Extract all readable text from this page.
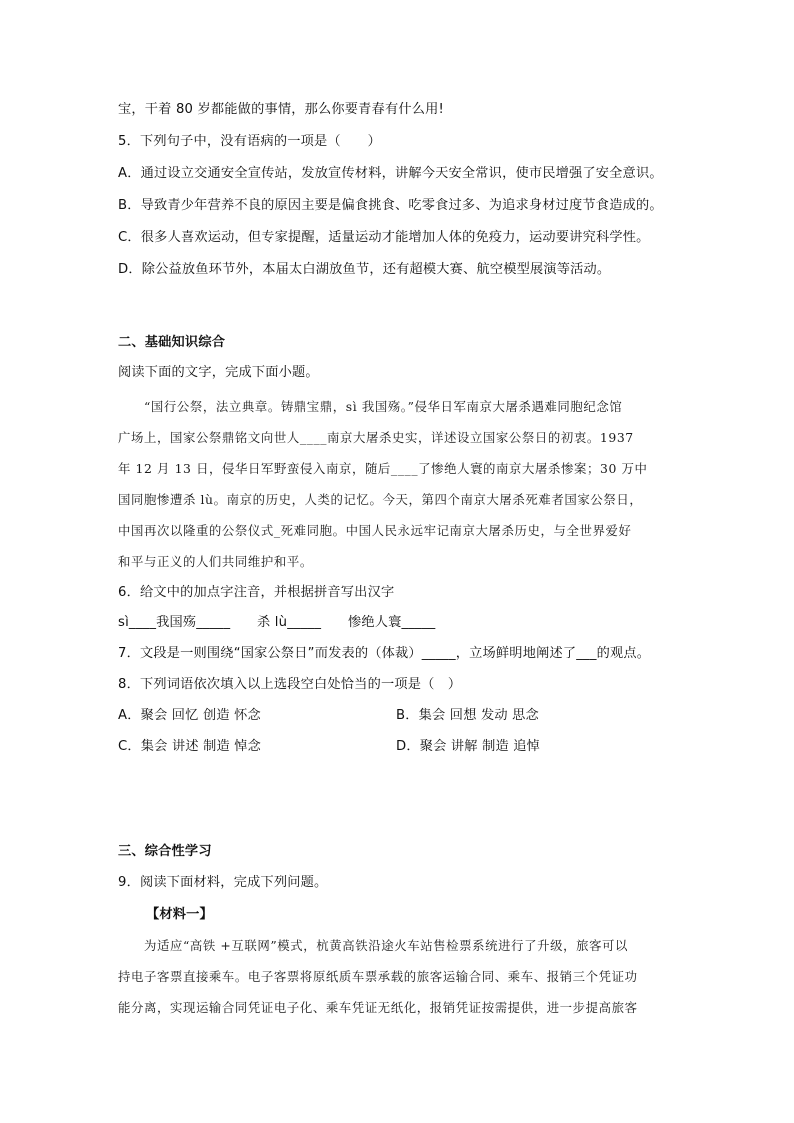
宝，干着 80 岁都能做的事情，那么你要青春有什么用!
5．下列句子中，没有语病的一项是（　　）
A．通过设立交通安全宣传站，发放宣传材料，讲解今天安全常识，使市民增强了安全意识。
B．导致青少年营养不良的原因主要是偏食挑食、吃零食过多、为追求身材过度节食造成的。
C．很多人喜欢运动，但专家提醒，适量运动才能增加人体的免疫力，运动要讲究科学性。
D．除公益放鱼环节外，本届太白湖放鱼节，还有超模大赛、航空模型展演等活动。
二、基础知识综合
阅读下面的文字，完成下面小题。
　　“国行公祭，法立典章。铸鼎宝鼎，sì 我国殇。”侵华日军南京大屠杀遇难同胞纪念馆
广场上，国家公祭鼎铭文向世人____南京大屠杀史实，详述设立国家公祭日的初衷。1937
年 12 月 13 日，侵华日军野蛮侵入南京，随后____了惨绝人寰的南京大屠杀惨案；30 万中
国同胞惨遭杀 lù。南京的历史，人类的记忆。今天，第四个南京大屠杀死难者国家公祭日，
中国再次以隆重的公祭仪式_死难同胞。中国人民永远牢记南京大屠杀历史，与全世界爱好
和平与正义的人们共同维护和平。
6．给文中的加点字注音，并根据拼音写出汉字
sì____我国殇_____　　杀 lù_____　　惨绝人寰_____
7．文段是一则围绕“国家公祭日”而发表的（体裁）_____，立场鲜明地阐述了___的观点。
8．下列词语依次填入以上选段空白处恰当的一项是（　）
A．聚会 回忆 创造 怀念	B．集会 回想 发动 思念
C．集会 讲述 制造 悼念	D．聚会 讲解 制造 追悼
三、综合性学习
9．阅读下面材料，完成下列问题。
【材料一】
　　为适应“高铁 +互联网”模式，杭黄高铁沿途火车站售检票系统进行了升级，旅客可以
持电子客票直接乘车。电子客票将原纸质车票承载的旅客运输合同、乘车、报销三个凭证功
能分离，实现运输合同凭证电子化、乘车凭证无纸化，报销凭证按需提供，进一步提高旅客
